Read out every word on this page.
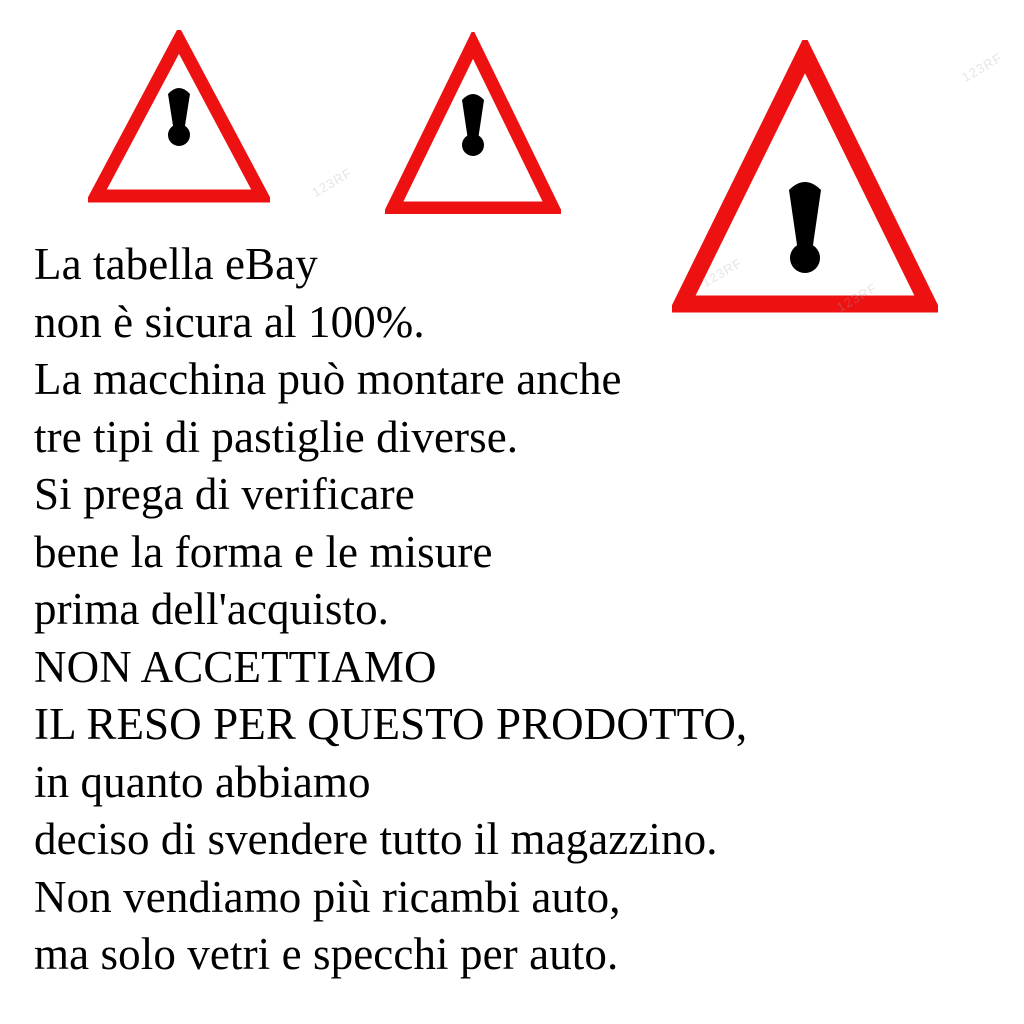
123RF
123RF
123RF
123RF
La tabella eBay
non è sicura al 100%.
La macchina può montare anche
tre tipi di pastiglie diverse.
Si prega di verificare
bene la forma e le misure
prima dell'acquisto.
NON ACCETTIAMO
IL RESO PER QUESTO PRODOTTO,
in quanto abbiamo
deciso di svendere tutto il magazzino.
Non vendiamo più ricambi auto,
ma solo vetri e specchi per auto.
